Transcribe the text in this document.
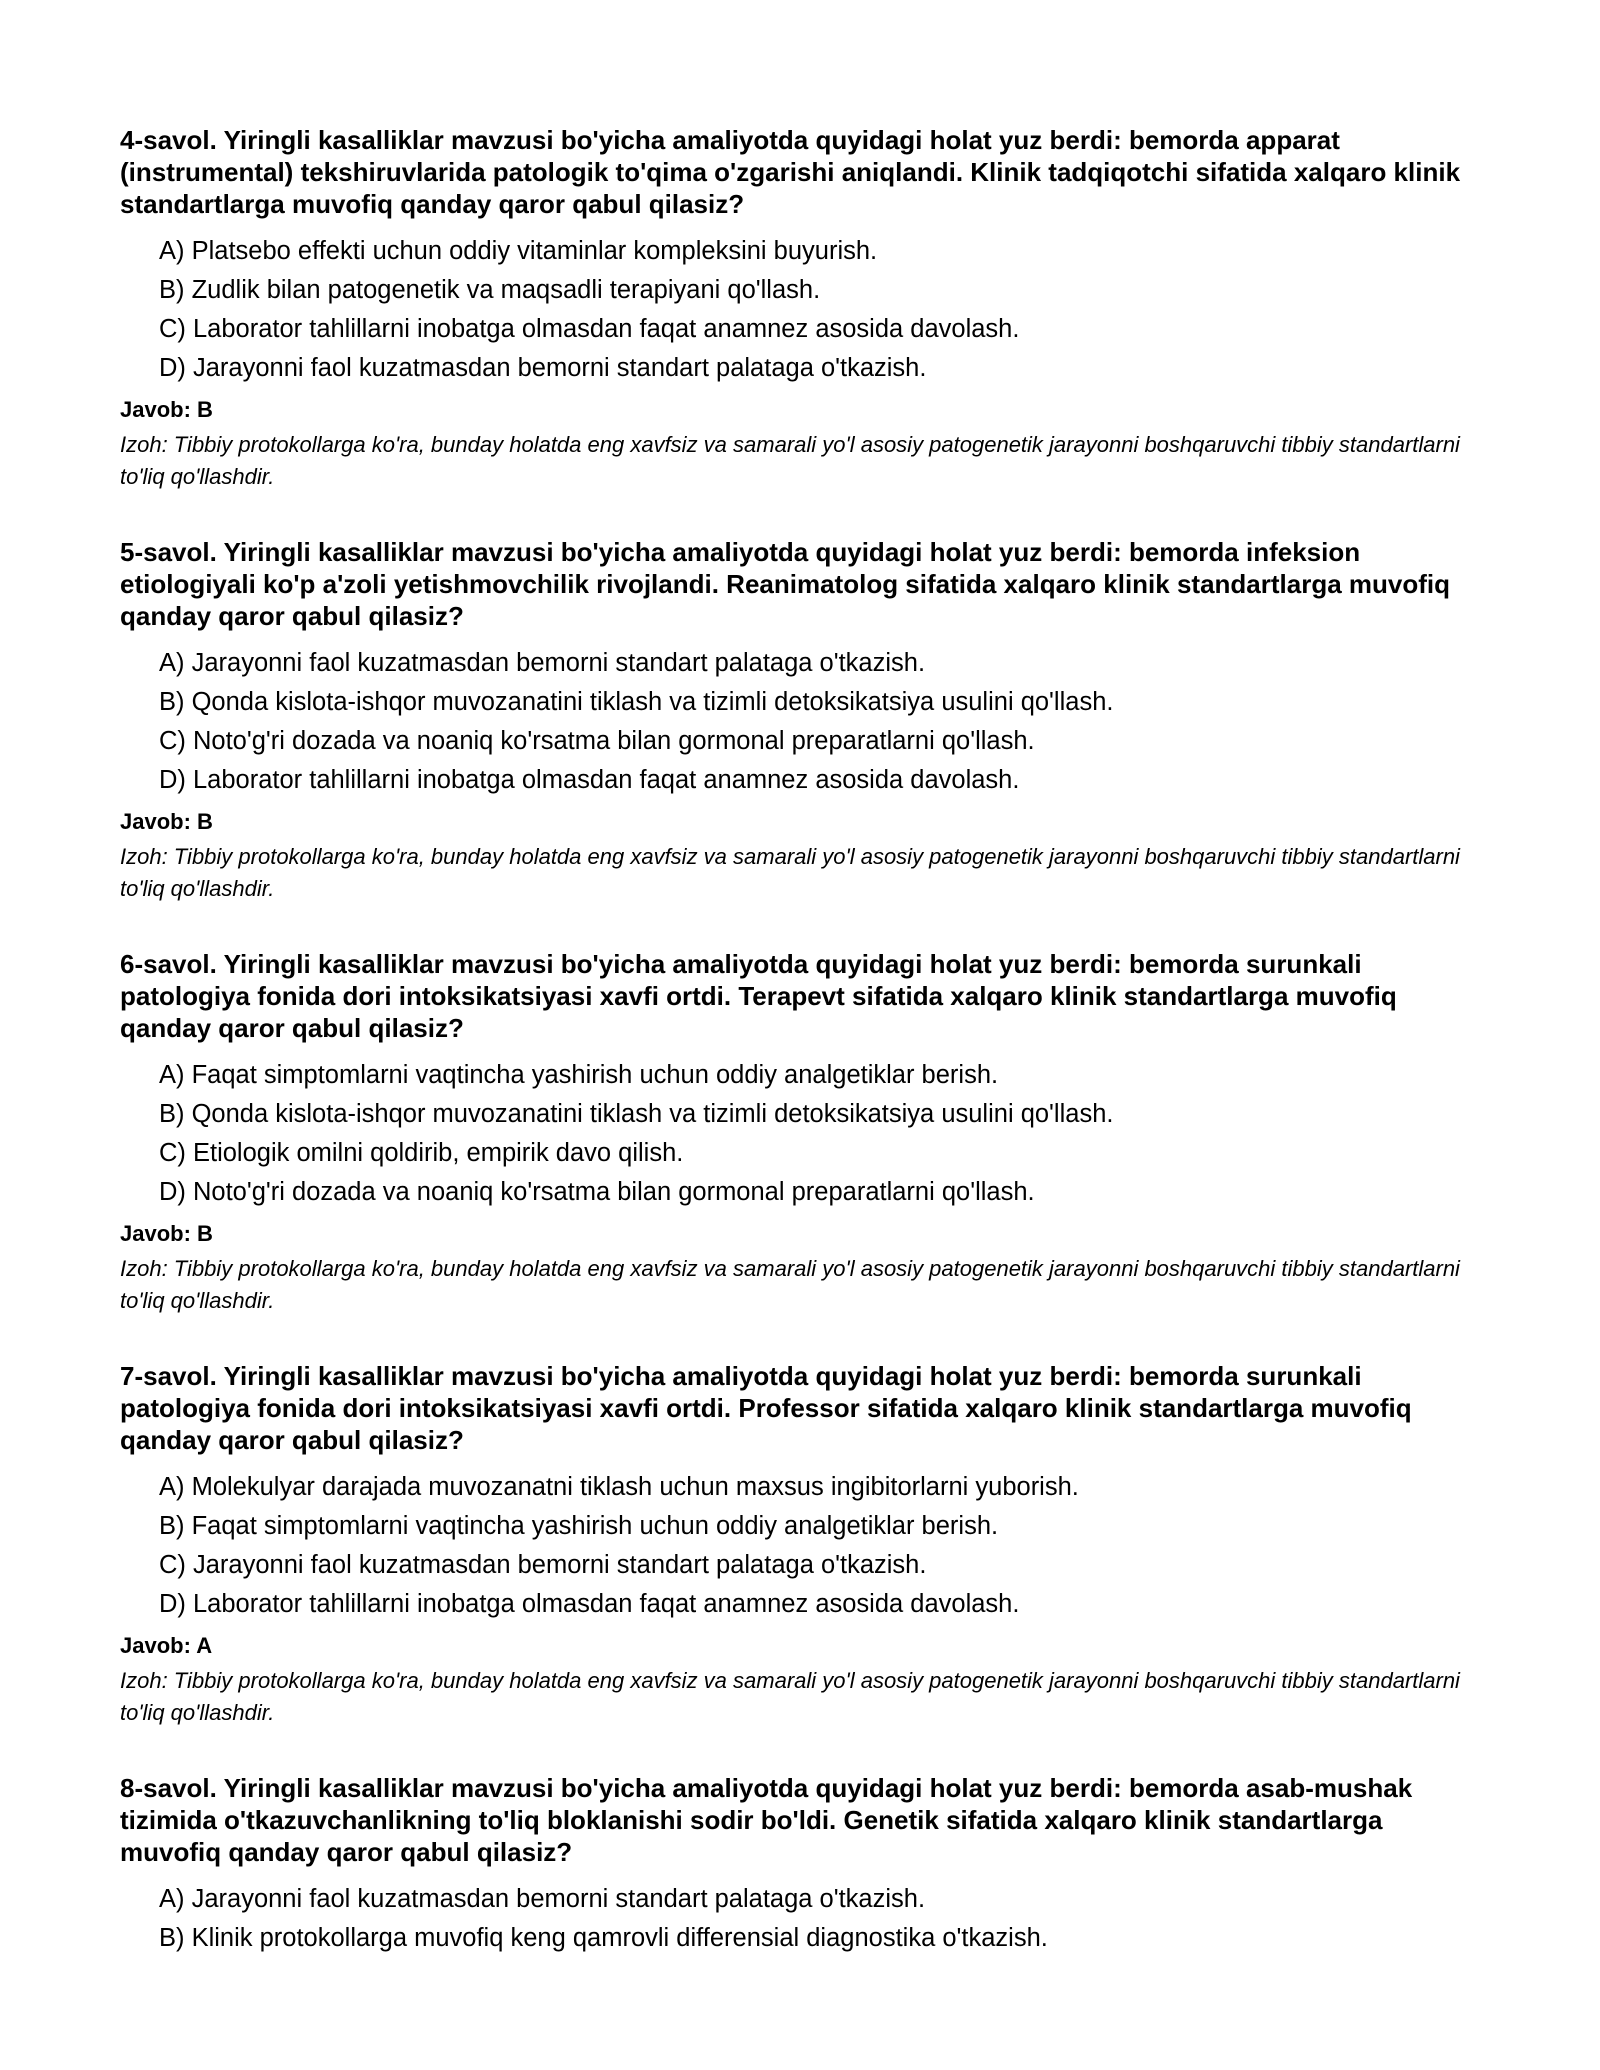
4-savol. Yiringli kasalliklar mavzusi bo'yicha amaliyotda quyidagi holat yuz berdi: bemorda apparat (instrumental) tekshiruvlarida patologik to'qima o'zgarishi aniqlandi. Klinik tadqiqotchi sifatida xalqaro klinik standartlarga muvofiq qanday qaror qabul qilasiz?

A) Platsebo effekti uchun oddiy vitaminlar kompleksini buyurish.
B) Zudlik bilan patogenetik va maqsadli terapiyani qo'llash.
C) Laborator tahlillarni inobatga olmasdan faqat anamnez asosida davolash.
D) Jarayonni faol kuzatmasdan bemorni standart palataga o'tkazish.

Javob: B

Izoh: Tibbiy protokollarga ko'ra, bunday holatda eng xavfsiz va samarali yo'l asosiy patogenetik jarayonni boshqaruvchi tibbiy standartlarni to'liq qo'llashdir.

5-savol. Yiringli kasalliklar mavzusi bo'yicha amaliyotda quyidagi holat yuz berdi: bemorda infeksion etiologiyali ko'p a'zoli yetishmovchilik rivojlandi. Reanimatolog sifatida xalqaro klinik standartlarga muvofiq qanday qaror qabul qilasiz?

A) Jarayonni faol kuzatmasdan bemorni standart palataga o'tkazish.
B) Qonda kislota-ishqor muvozanatini tiklash va tizimli detoksikatsiya usulini qo'llash.
C) Noto'g'ri dozada va noaniq ko'rsatma bilan gormonal preparatlarni qo'llash.
D) Laborator tahlillarni inobatga olmasdan faqat anamnez asosida davolash.

Javob: B

Izoh: Tibbiy protokollarga ko'ra, bunday holatda eng xavfsiz va samarali yo'l asosiy patogenetik jarayonni boshqaruvchi tibbiy standartlarni to'liq qo'llashdir.

6-savol. Yiringli kasalliklar mavzusi bo'yicha amaliyotda quyidagi holat yuz berdi: bemorda surunkali patologiya fonida dori intoksikatsiyasi xavfi ortdi. Terapevt sifatida xalqaro klinik standartlarga muvofiq qanday qaror qabul qilasiz?

A) Faqat simptomlarni vaqtincha yashirish uchun oddiy analgetiklar berish.
B) Qonda kislota-ishqor muvozanatini tiklash va tizimli detoksikatsiya usulini qo'llash.
C) Etiologik omilni qoldirib, empirik davo qilish.
D) Noto'g'ri dozada va noaniq ko'rsatma bilan gormonal preparatlarni qo'llash.

Javob: B

Izoh: Tibbiy protokollarga ko'ra, bunday holatda eng xavfsiz va samarali yo'l asosiy patogenetik jarayonni boshqaruvchi tibbiy standartlarni to'liq qo'llashdir.

7-savol. Yiringli kasalliklar mavzusi bo'yicha amaliyotda quyidagi holat yuz berdi: bemorda surunkali patologiya fonida dori intoksikatsiyasi xavfi ortdi. Professor sifatida xalqaro klinik standartlarga muvofiq qanday qaror qabul qilasiz?

A) Molekulyar darajada muvozanatni tiklash uchun maxsus ingibitorlarni yuborish.
B) Faqat simptomlarni vaqtincha yashirish uchun oddiy analgetiklar berish.
C) Jarayonni faol kuzatmasdan bemorni standart palataga o'tkazish.
D) Laborator tahlillarni inobatga olmasdan faqat anamnez asosida davolash.

Javob: A

Izoh: Tibbiy protokollarga ko'ra, bunday holatda eng xavfsiz va samarali yo'l asosiy patogenetik jarayonni boshqaruvchi tibbiy standartlarni to'liq qo'llashdir.

8-savol. Yiringli kasalliklar mavzusi bo'yicha amaliyotda quyidagi holat yuz berdi: bemorda asab-mushak tizimida o'tkazuvchanlikning to'liq bloklanishi sodir bo'ldi. Genetik sifatida xalqaro klinik standartlarga muvofiq qanday qaror qabul qilasiz?

A) Jarayonni faol kuzatmasdan bemorni standart palataga o'tkazish.
B) Klinik protokollarga muvofiq keng qamrovli differensial diagnostika o'tkazish.
